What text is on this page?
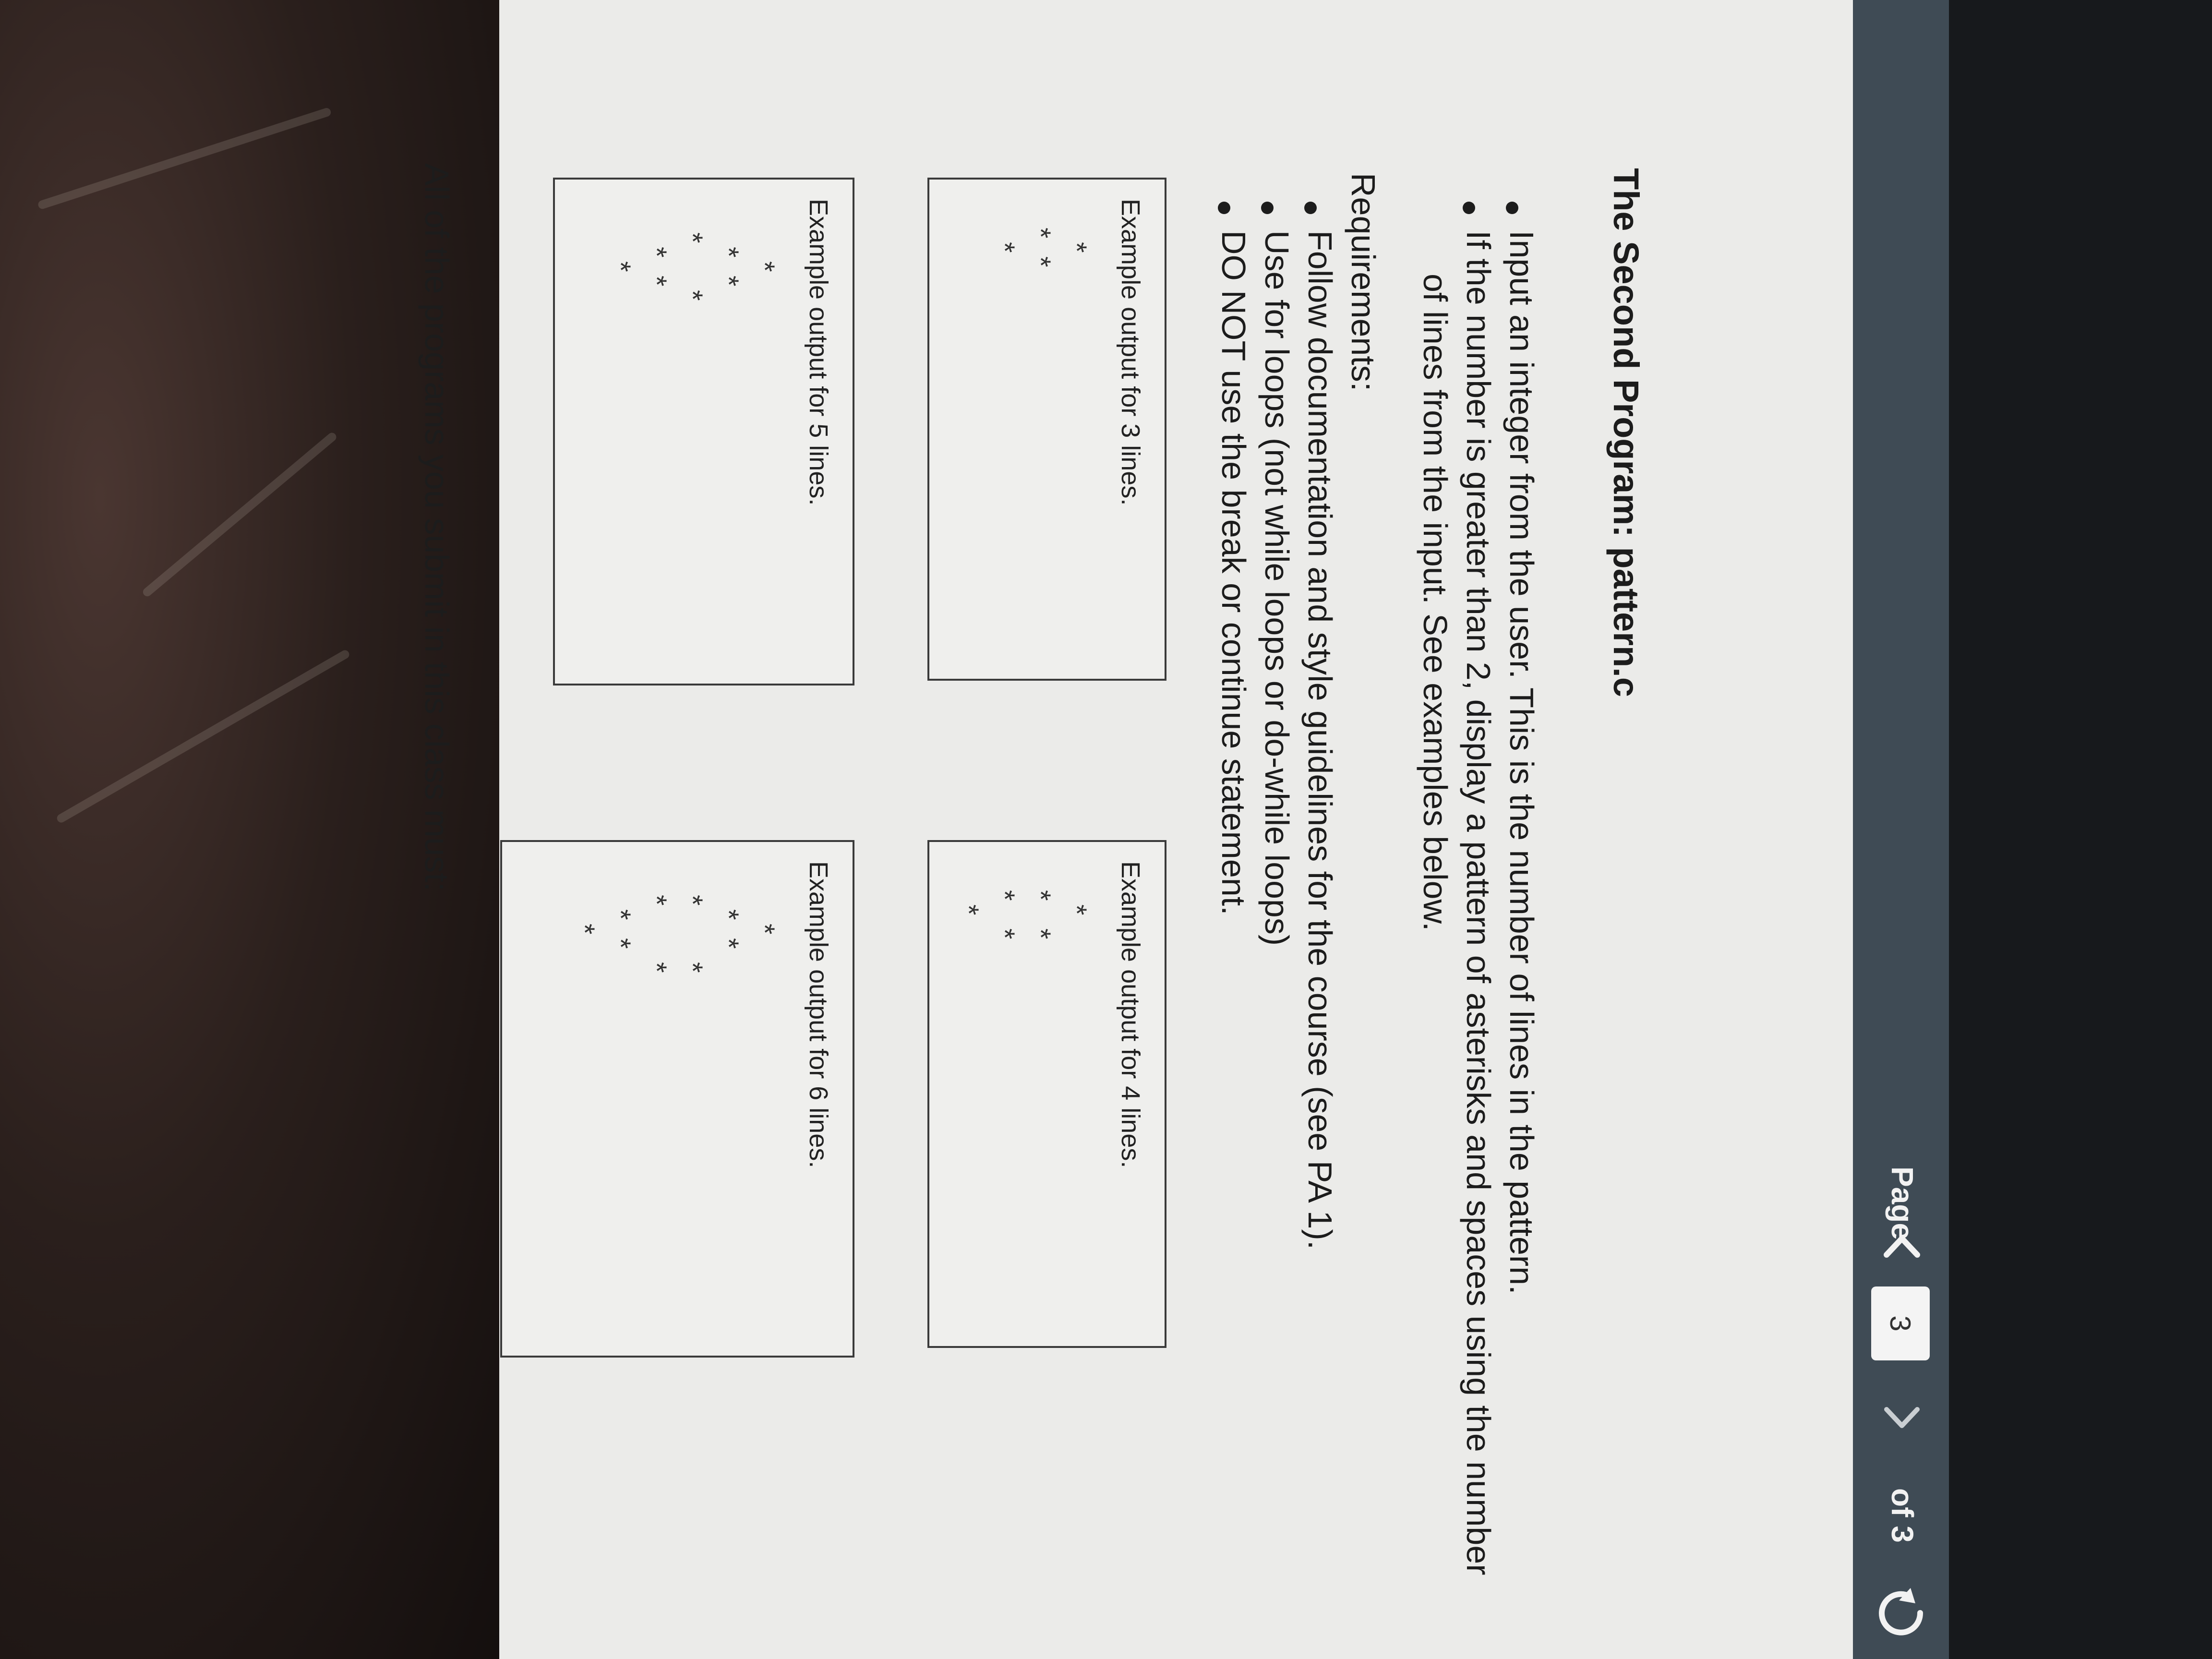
Page
3
of 3
The Second Program: pattern.c
Input an integer from the user. This is the number of lines in the pattern.
If the number is greater than 2, display a pattern of asterisks and spaces using the number
of lines from the input. See examples below.
Requirements:
Follow documentation and style guidelines for the course (see PA 1).
Use for loops (not while loops or do-while loops)
DO NOT use the break or continue statement.
Example output for 3 lines.
*
*
*
*
Example output for 4 lines.
*
*
*
*
*
*
Example output for 5 lines.
*
*
*
*
*
*
*
*
Example output for 6 lines.
*
*
*
*
*
*
*
*
*
*
All of the programs you submit in this class must:
